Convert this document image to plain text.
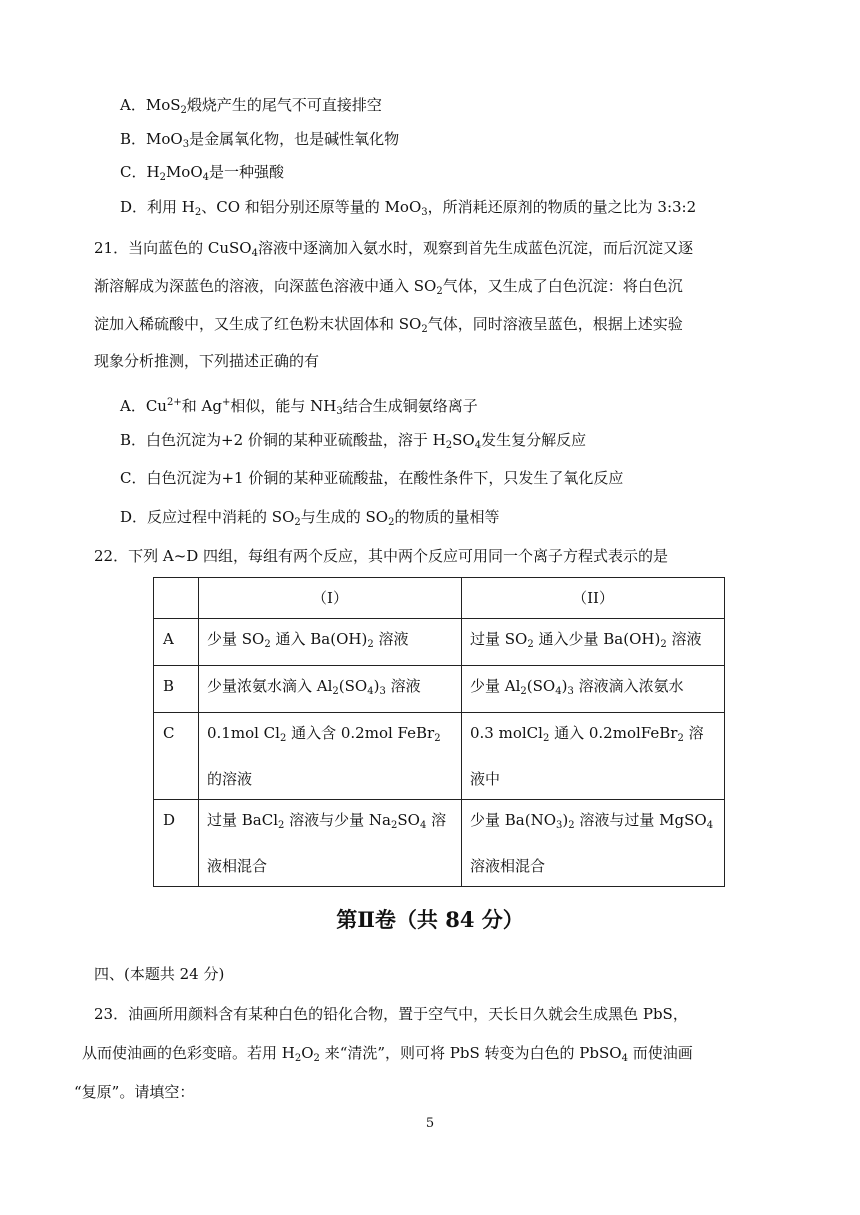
A．MoS$_2$煅烧产生的尾气不可直接排空
B．MoO$_3$是金属氧化物，也是碱性氧化物
C．$H_2MoO_4$是一种强酸
D．利用 $H_2$、CO 和铝分别还原等量的 MoO$_3$，所消耗还原剂的物质的量之比为 3:3:2
21．当向蓝色的 CuSO$_4$溶液中逐滴加入氨水时，观察到首先生成蓝色沉淀，而后沉淀又逐
渐溶解成为深蓝色的溶液，向深蓝色溶液中通入 $SO_2$气体，又生成了白色沉淀：将白色沉
淀加入稀硫酸中，又生成了红色粉末状固体和 $SO_2$气体，同时溶液呈蓝色，根据上述实验
现象分析推测，下列描述正确的有
A．$Cu^{2+}$和 Ag+相似，能与 $NH_3$结合生成铜氨络离子
B．白色沉淀为+2 价铜的某种亚硫酸盐，溶于 $H_2SO_4$发生复分解反应
C．白色沉淀为+1 价铜的某种亚硫酸盐，在酸性条件下，只发生了氧化反应
D．反应过程中消耗的 $SO_2$与生成的 $SO_2$的物质的量相等
22．下列 A~D 四组，每组有两个反应，其中两个反应可用同一个离子方程式表示的是
	（I）	（II）
A	少量 $SO_2$ 通入 $Ba(OH)_2$ 溶液	过量 $SO_2$ 通入少量 $Ba(OH)_2$ 溶液
B	少量浓氨水滴入 $Al_2(SO_4)_3$ 溶液	少量 $Al_2(SO_4)_3$ 溶液滴入浓氨水
C	0.1mol $Cl_2$ 通入含 0.2mol FeBr$_2$ 的溶液	0.3 molCl$_2$ 通入 0.2molFeBr$_2$ 溶液中
D	过量 BaCl$_2$ 溶液与少量 $Na_2SO_4$ 溶液相混合	少量 $Ba(NO_3)_2$ 溶液与过量 MgSO$_4$ 溶液相混合
第Ⅱ卷（共 84 分）
四、(本题共 24 分)
23．油画所用颜料含有某种白色的铅化合物，置于空气中，天长日久就会生成黑色 PbS，
从而使油画的色彩变暗。若用 $H_2O_2$ 来“清洗”，则可将 PbS 转变为白色的 PbSO$_4$ 而使油画
“复原”。请填空：
5
